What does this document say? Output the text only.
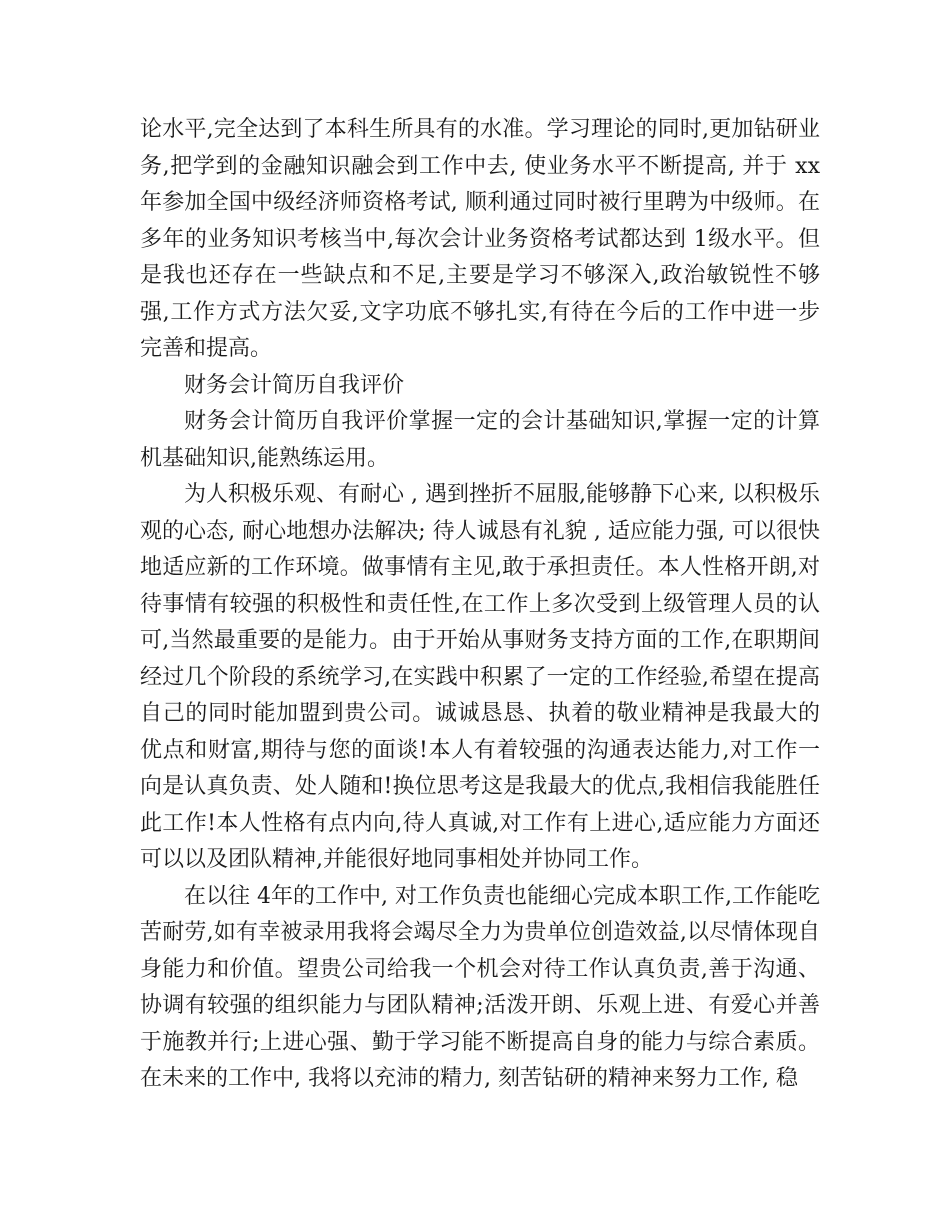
论水平,完全达到了本科生所具有的水准。学习理论的同时,更加钻研业务,把学到的金融知识融会到工作中去, 使业务水平不断提高, 并于 xx年参加全国中级经济师资格考试, 顺利通过同时被行里聘为中级师。在多年的业务知识考核当中,每次会计业务资格考试都达到 1级水平。但是我也还存在一些缺点和不足,主要是学习不够深入,政治敏锐性不够强,工作方式方法欠妥,文字功底不够扎实,有待在今后的工作中进一步完善和提高。

财务会计简历自我评价

财务会计简历自我评价掌握一定的会计基础知识,掌握一定的计算机基础知识,能熟练运用。

为人积极乐观、有耐心 , 遇到挫折不屈服,能够静下心来, 以积极乐观的心态, 耐心地想办法解决; 待人诚恳有礼貌 , 适应能力强, 可以很快地适应新的工作环境。做事情有主见,敢于承担责任。本人性格开朗,对待事情有较强的积极性和责任性,在工作上多次受到上级管理人员的认可,当然最重要的是能力。由于开始从事财务支持方面的工作,在职期间经过几个阶段的系统学习,在实践中积累了一定的工作经验,希望在提高自己的同时能加盟到贵公司。诚诚恳恳、执着的敬业精神是我最大的优点和财富,期待与您的面谈!本人有着较强的沟通表达能力,对工作一向是认真负责、处人随和!换位思考这是我最大的优点,我相信我能胜任此工作!本人性格有点内向,待人真诚,对工作有上进心,适应能力方面还可以以及团队精神,并能很好地同事相处并协同工作。

在以往 4年的工作中, 对工作负责也能细心完成本职工作,工作能吃苦耐劳,如有幸被录用我将会竭尽全力为贵单位创造效益,以尽情体现自身能力和价值。望贵公司给我一个机会对待工作认真负责,善于沟通、协调有较强的组织能力与团队精神;活泼开朗、乐观上进、有爱心并善于施教并行;上进心强、勤于学习能不断提高自身的能力与综合素质。在未来的工作中, 我将以充沛的精力, 刻苦钻研的精神来努力工作, 稳
